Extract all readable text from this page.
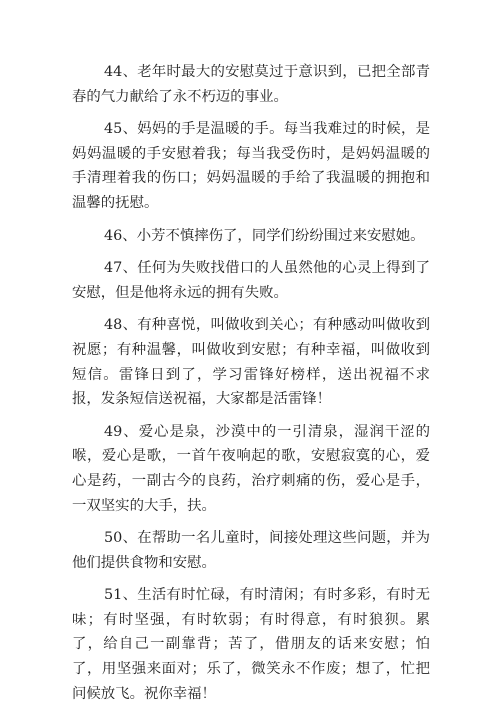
44、老年时最大的安慰莫过于意识到，已把全部青春的气力献给了永不朽迈的事业。

45、妈妈的手是温暖的手。每当我难过的时候，是妈妈温暖的手安慰着我；每当我受伤时，是妈妈温暖的手清理着我的伤口；妈妈温暖的手给了我温暖的拥抱和温馨的抚慰。

46、小芳不慎摔伤了，同学们纷纷围过来安慰她。

47、任何为失败找借口的人虽然他的心灵上得到了安慰，但是他将永远的拥有失败。

48、有种喜悦，叫做收到关心；有种感动叫做收到祝愿；有种温馨，叫做收到安慰；有种幸福，叫做收到短信。雷锋日到了，学习雷锋好榜样，送出祝福不求报，发条短信送祝福，大家都是活雷锋！

49、爱心是泉，沙漠中的一引清泉，湿润干涩的喉，爱心是歌，一首午夜响起的歌，安慰寂寞的心，爱心是药，一副古今的良药，治疗刺痛的伤，爱心是手，一双坚实的大手，扶。

50、在帮助一名儿童时，间接处理这些问题，并为他们提供食物和安慰。

51、生活有时忙碌，有时清闲；有时多彩，有时无味；有时坚强，有时软弱；有时得意，有时狼狈。累了，给自己一副靠背；苦了，借朋友的话来安慰；怕了，用坚强来面对；乐了，微笑永不作废；想了，忙把问候放飞。祝你幸福！
